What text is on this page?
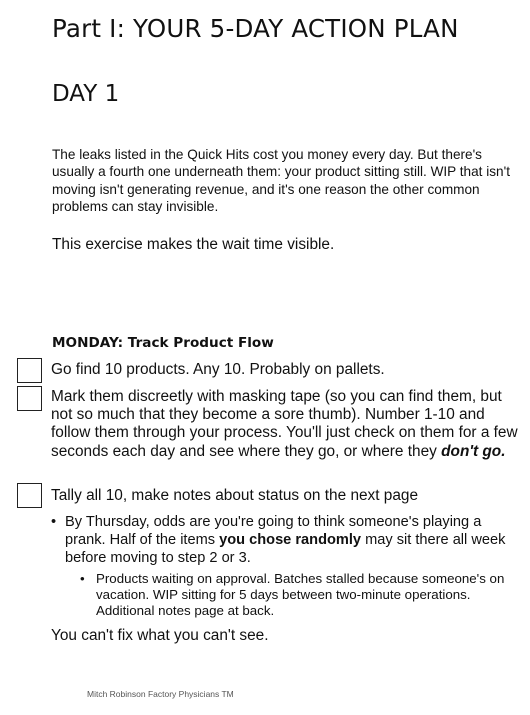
Part I: YOUR 5-DAY ACTION PLAN
DAY 1
The leaks listed in the Quick Hits cost you money every day. But there's usually a fourth one underneath them: your product sitting still. WIP that isn't moving isn't generating revenue, and it's one reason the other common problems can stay invisible.
This exercise makes the wait time visible.
MONDAY: Track Product Flow
Go find 10 products. Any 10. Probably on pallets.
Mark them discreetly with masking tape (so you can find them, but not so much that they become a sore thumb). Number 1-10 and follow them through your process. You'll just check on them for a few seconds each day and see where they go, or where they don't go.
Tally all 10, make notes about status on the next page
• By Thursday, odds are you're going to think someone's playing a prank. Half of the items you chose randomly may sit there all week before moving to step 2 or 3.
• Products waiting on approval. Batches stalled because someone's on vacation. WIP sitting for 5 days between two-minute operations. Additional notes page at back.
You can't fix what you can't see.
Mitch Robinson Factory Physicians TM
